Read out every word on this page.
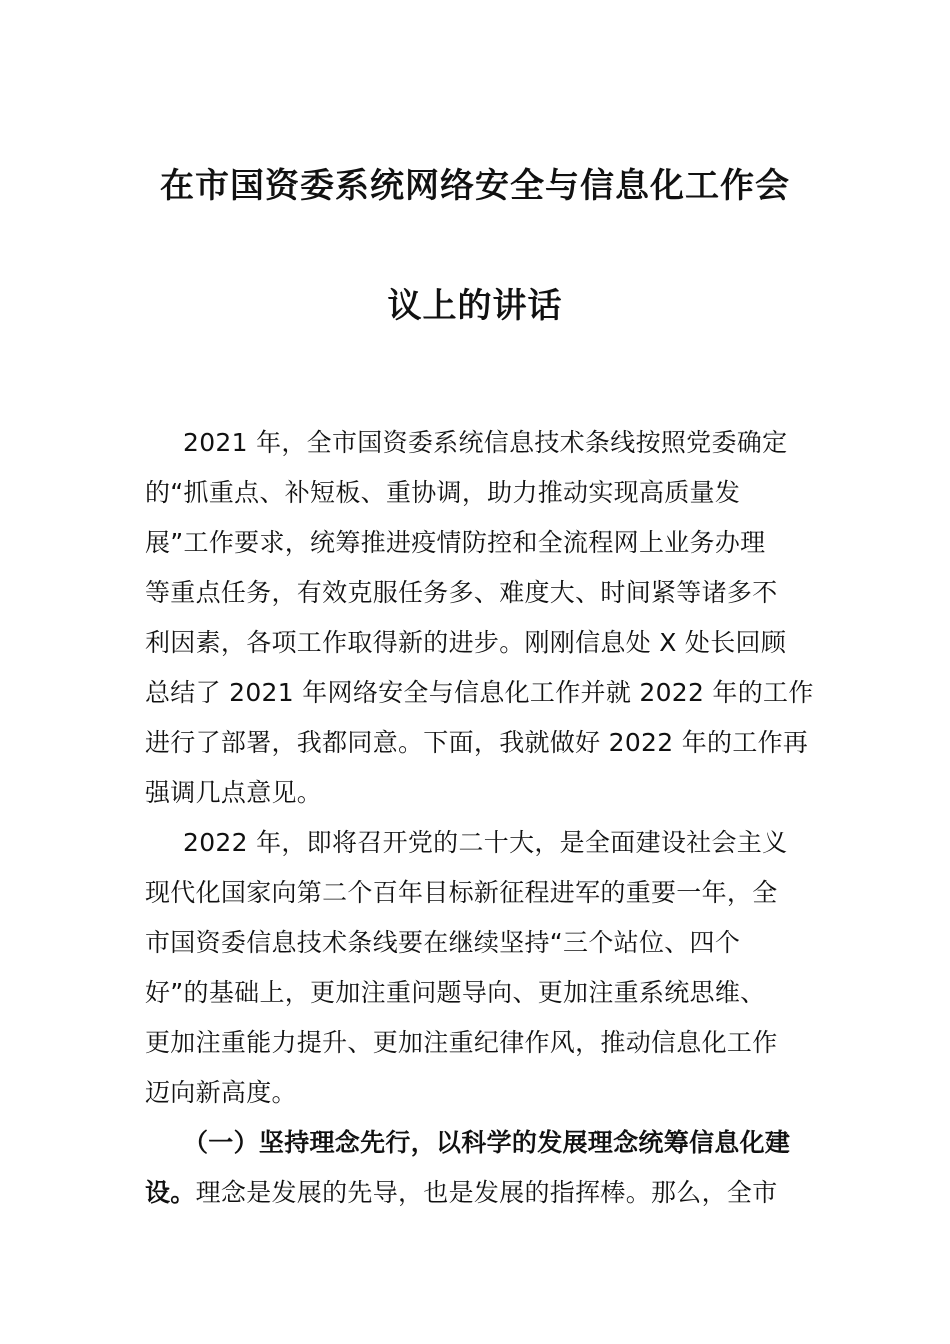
在市国资委系统网络安全与信息化工作会
议上的讲话
2021 年，全市国资委系统信息技术条线按照党委确定
的“抓重点、补短板、重协调，助力推动实现高质量发
展”工作要求，统筹推进疫情防控和全流程网上业务办理
等重点任务，有效克服任务多、难度大、时间紧等诸多不
利因素，各项工作取得新的进步。刚刚信息处 X 处长回顾
总结了 2021 年网络安全与信息化工作并就 2022 年的工作
进行了部署，我都同意。下面，我就做好 2022 年的工作再
强调几点意见。
2022 年，即将召开党的二十大，是全面建设社会主义
现代化国家向第二个百年目标新征程进军的重要一年，全
市国资委信息技术条线要在继续坚持“三个站位、四个
好”的基础上，更加注重问题导向、更加注重系统思维、
更加注重能力提升、更加注重纪律作风，推动信息化工作
迈向新高度。
（一）坚持理念先行，以科学的发展理念统筹信息化建
设。理念是发展的先导，也是发展的指挥棒。那么，全市
